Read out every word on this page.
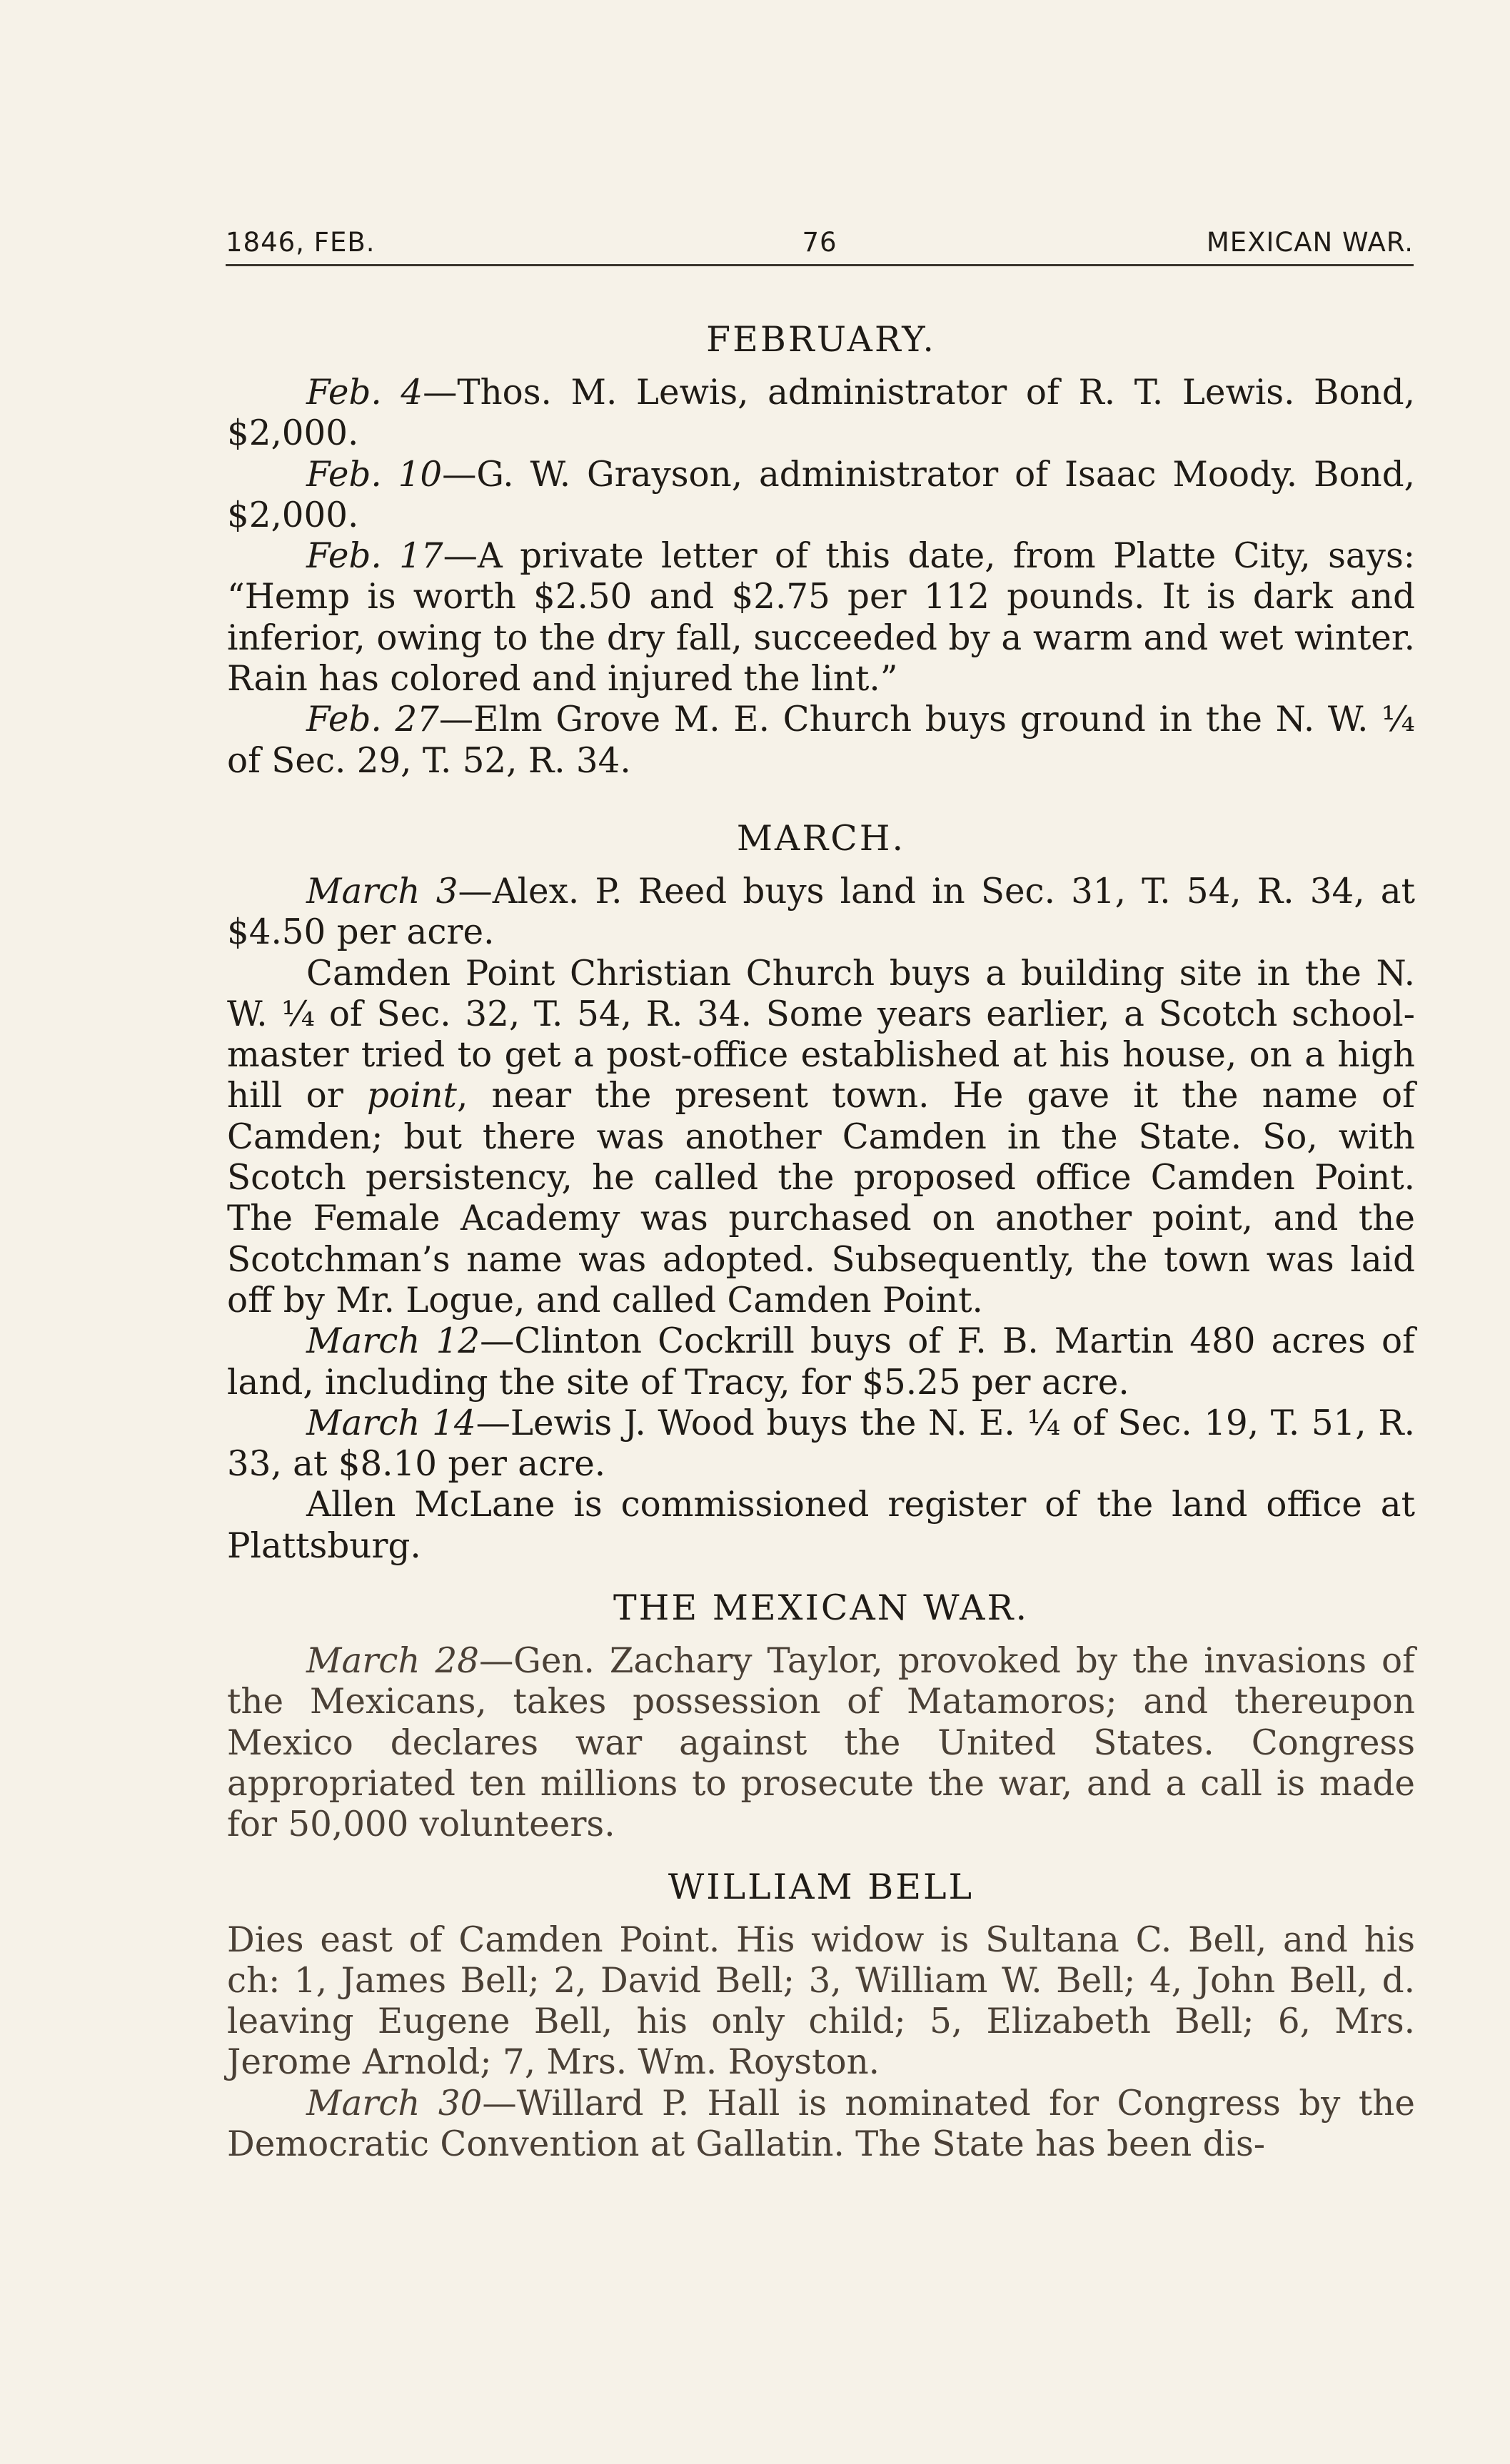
1846, FEB.	76	MEXICAN WAR.
FEBRUARY.

Feb. 4—Thos. M. Lewis, administrator of R. T. Lewis. Bond, $2,000.

Feb. 10—G. W. Grayson, administrator of Isaac Moody. Bond, $2,000.

Feb. 17—A private letter of this date, from Platte City, says: “Hemp is worth $2.50 and $2.75 per 112 pounds. It is dark and inferior, owing to the dry fall, succeeded by a warm and wet winter. Rain has colored and injured the lint.”

Feb. 27—Elm Grove M. E. Church buys ground in the N. W. ¼ of Sec. 29, T. 52, R. 34.

MARCH.

March 3—Alex. P. Reed buys land in Sec. 31, T. 54, R. 34, at $4.50 per acre.

Camden Point Christian Church buys a building site in the N. W. ¼ of Sec. 32, T. 54, R. 34. Some years earlier, a Scotch school-master tried to get a post-office established at his house, on a high hill or point, near the present town. He gave it the name of Camden; but there was another Camden in the State. So, with Scotch persistency, he called the proposed office Camden Point. The Female Academy was purchased on another point, and the Scotchman’s name was adopted. Subsequently, the town was laid off by Mr. Logue, and called Camden Point.

March 12—Clinton Cockrill buys of F. B. Martin 480 acres of land, including the site of Tracy, for $5.25 per acre.

March 14—Lewis J. Wood buys the N. E. ¼ of Sec. 19, T. 51, R. 33, at $8.10 per acre.

Allen McLane is commissioned register of the land office at Plattsburg.

THE MEXICAN WAR.

March 28—Gen. Zachary Taylor, provoked by the invasions of the Mexicans, takes possession of Matamoros; and thereupon Mexico declares war against the United States. Congress appropriated ten millions to prosecute the war, and a call is made for 50,000 volunteers.

WILLIAM BELL

Dies east of Camden Point. His widow is Sultana C. Bell, and his ch: 1, James Bell; 2, David Bell; 3, William W. Bell; 4, John Bell, d. leaving Eugene Bell, his only child; 5, Elizabeth Bell; 6, Mrs. Jerome Arnold; 7, Mrs. Wm. Royston.

March 30—Willard P. Hall is nominated for Congress by the Democratic Convention at Gallatin. The State has been dis-
